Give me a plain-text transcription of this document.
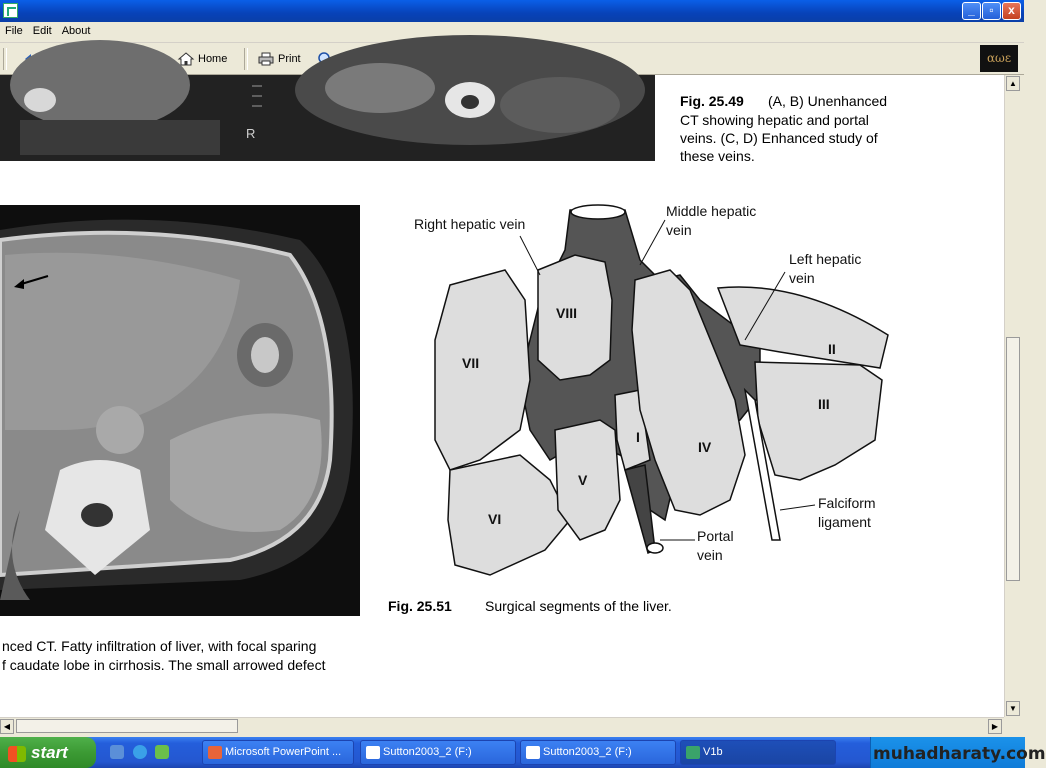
_	▫	x
File Edit About
Home	Print	αωε
R
Fig. 25.49 (A, B) Unenhanced
CT showing hepatic and portal
veins. (C, D) Enhanced study of
these veins.
nced CT. Fatty infiltration of liver, with focal sparing
f caudate lobe in cirrhosis. The small arrowed defect
VII
VIII
VI
V
I
IV
II
III
Right hepatic vein
Middle hepatic
vein
Left hepatic
vein
Falciform
ligament
Portal
vein
Fig. 25.51 Surgical segments of the liver.
▲
▼
◀	▶
start	Microsoft PowerPoint ...	Sutton2003_2 (F:)	Sutton2003_2 (F:)	V1b	muhadharaty.com
